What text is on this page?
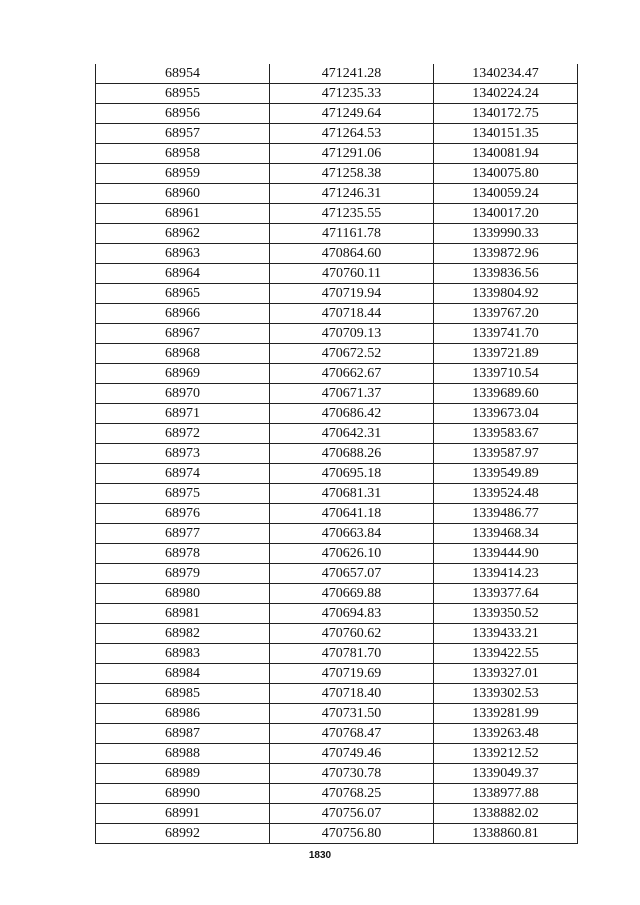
68954	471241.28	1340234.47
68955	471235.33	1340224.24
68956	471249.64	1340172.75
68957	471264.53	1340151.35
68958	471291.06	1340081.94
68959	471258.38	1340075.80
68960	471246.31	1340059.24
68961	471235.55	1340017.20
68962	471161.78	1339990.33
68963	470864.60	1339872.96
68964	470760.11	1339836.56
68965	470719.94	1339804.92
68966	470718.44	1339767.20
68967	470709.13	1339741.70
68968	470672.52	1339721.89
68969	470662.67	1339710.54
68970	470671.37	1339689.60
68971	470686.42	1339673.04
68972	470642.31	1339583.67
68973	470688.26	1339587.97
68974	470695.18	1339549.89
68975	470681.31	1339524.48
68976	470641.18	1339486.77
68977	470663.84	1339468.34
68978	470626.10	1339444.90
68979	470657.07	1339414.23
68980	470669.88	1339377.64
68981	470694.83	1339350.52
68982	470760.62	1339433.21
68983	470781.70	1339422.55
68984	470719.69	1339327.01
68985	470718.40	1339302.53
68986	470731.50	1339281.99
68987	470768.47	1339263.48
68988	470749.46	1339212.52
68989	470730.78	1339049.37
68990	470768.25	1338977.88
68991	470756.07	1338882.02
68992	470756.80	1338860.81
1830
